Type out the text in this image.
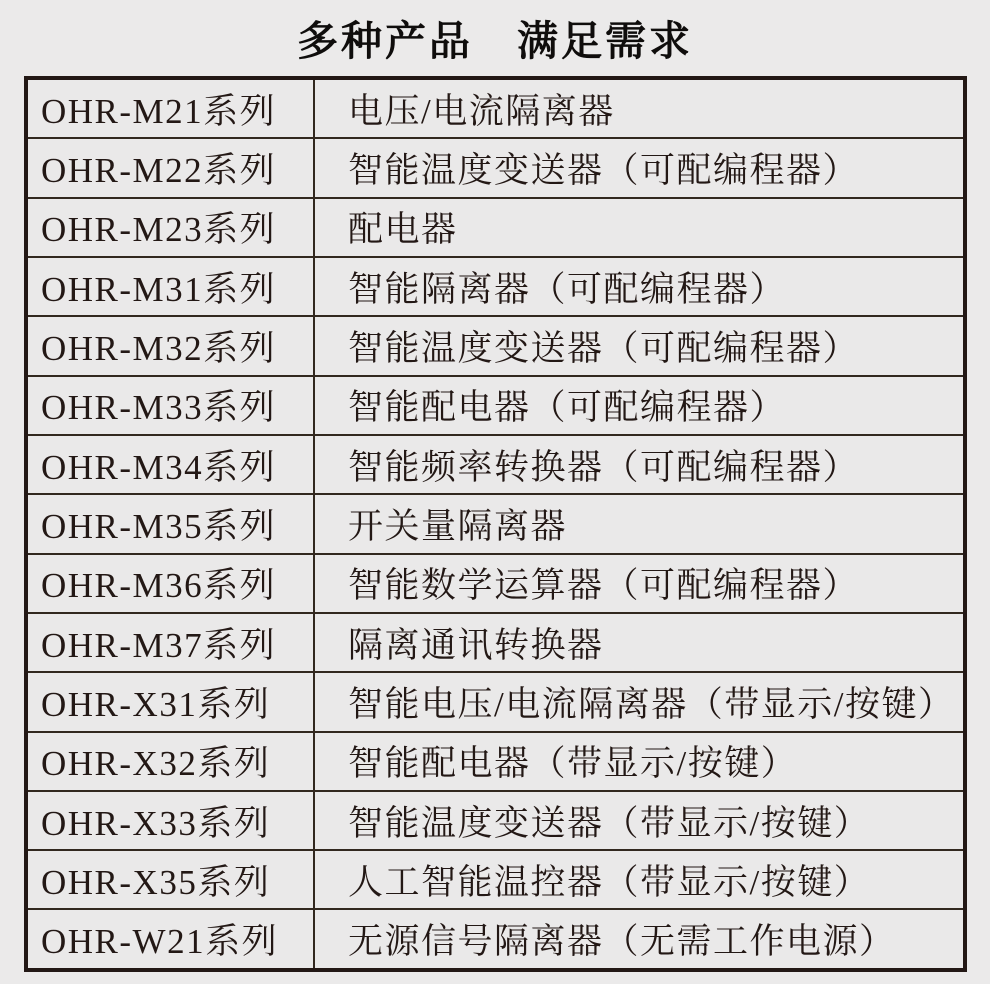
多种产品　满足需求
OHR-M21系列	电压/电流隔离器
OHR-M22系列	智能温度变送器（可配编程器）
OHR-M23系列	配电器
OHR-M31系列	智能隔离器（可配编程器）
OHR-M32系列	智能温度变送器（可配编程器）
OHR-M33系列	智能配电器（可配编程器）
OHR-M34系列	智能频率转换器（可配编程器）
OHR-M35系列	开关量隔离器
OHR-M36系列	智能数学运算器（可配编程器）
OHR-M37系列	隔离通讯转换器
OHR-X31系列	智能电压/电流隔离器（带显示/按键）
OHR-X32系列	智能配电器（带显示/按键）
OHR-X33系列	智能温度变送器（带显示/按键）
OHR-X35系列	人工智能温控器（带显示/按键）
OHR-W21系列	无源信号隔离器（无需工作电源）
